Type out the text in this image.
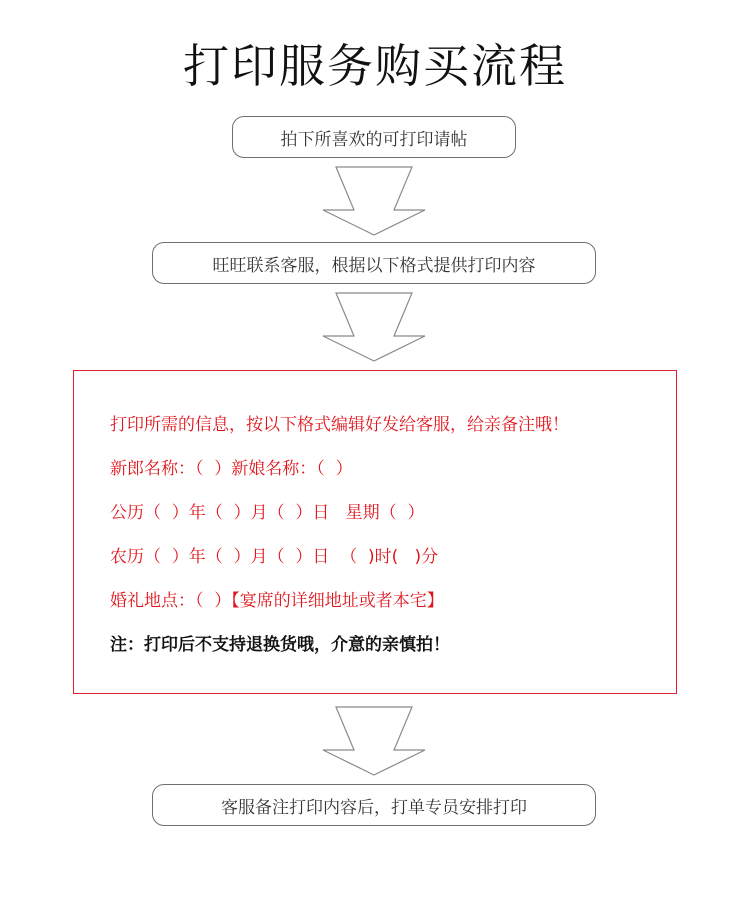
打印服务购买流程
拍下所喜欢的可打印请帖
旺旺联系客服，根据以下格式提供打印内容
打印所需的信息，按以下格式编辑好发给客服，给亲备注哦！
新郎名称：（  ）新娘名称：（  ）
公历（  ）年（  ）月（  ）日   星期（  ）
农历（  ）年（  ）月（  ）日  （  )时(   )分
婚礼地点：（  ）【宴席的详细地址或者本宅】
注：打印后不支持退换货哦，介意的亲慎拍！
客服备注打印内容后，打单专员安排打印
